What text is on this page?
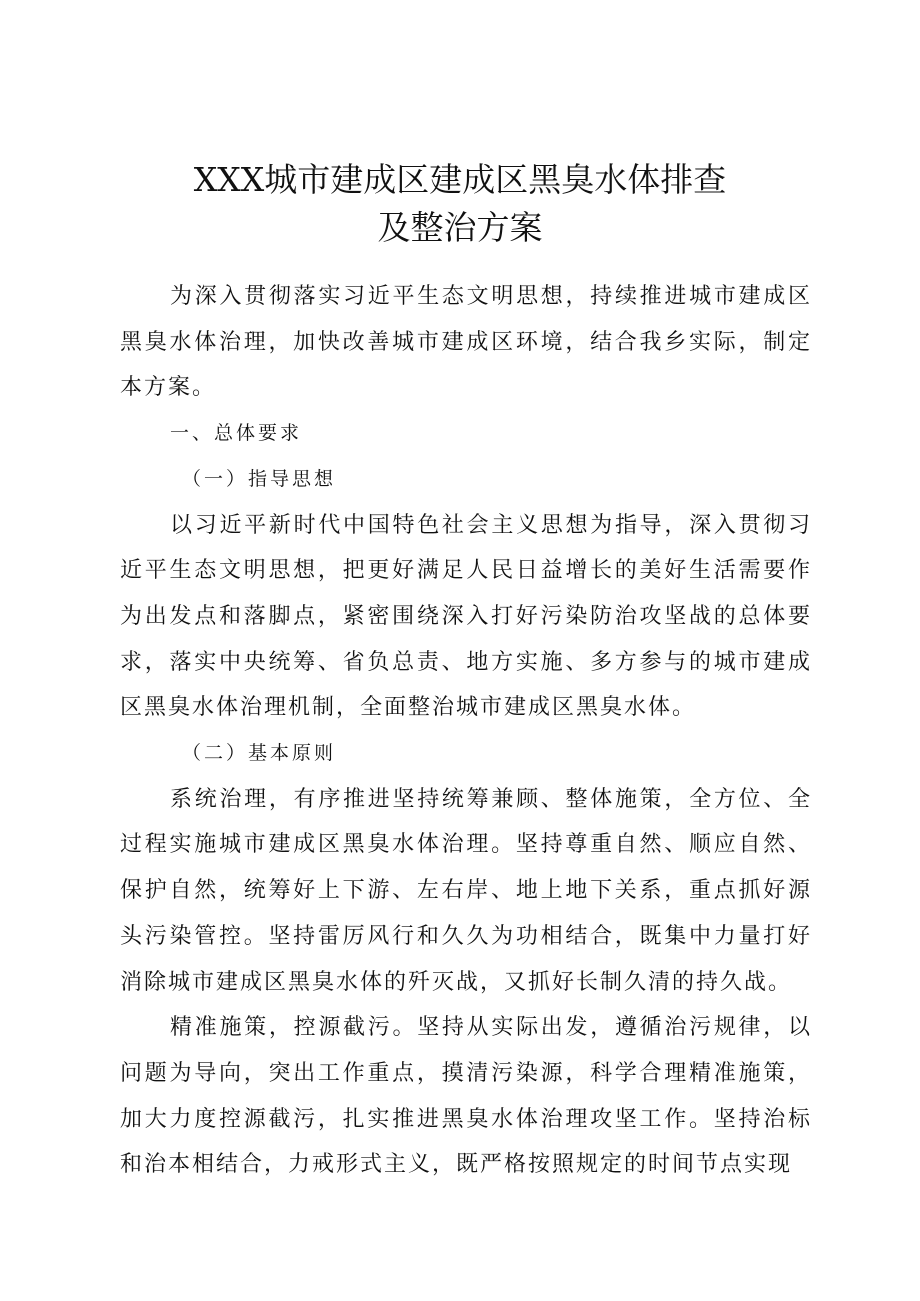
XXX城市建成区建成区黑臭水体排查
及整治方案

为深入贯彻落实习近平生态文明思想，持续推进城市建成区黑臭水体治理，加快改善城市建成区环境，结合我乡实际，制定本方案。

一、总体要求

（一）指导思想

以习近平新时代中国特色社会主义思想为指导，深入贯彻习近平生态文明思想，把更好满足人民日益增长的美好生活需要作为出发点和落脚点，紧密围绕深入打好污染防治攻坚战的总体要求，落实中央统筹、省负总责、地方实施、多方参与的城市建成区黑臭水体治理机制，全面整治城市建成区黑臭水体。

（二）基本原则

系统治理，有序推进坚持统筹兼顾、整体施策，全方位、全过程实施城市建成区黑臭水体治理。坚持尊重自然、顺应自然、保护自然，统筹好上下游、左右岸、地上地下关系，重点抓好源头污染管控。坚持雷厉风行和久久为功相结合，既集中力量打好消除城市建成区黑臭水体的歼灭战，又抓好长制久清的持久战。

精准施策，控源截污。坚持从实际出发，遵循治污规律，以问题为导向，突出工作重点，摸清污染源，科学合理精准施策，加大力度控源截污，扎实推进黑臭水体治理攻坚工作。坚持治标和治本相结合，力戒形式主义，既严格按照规定的时间节点实现
